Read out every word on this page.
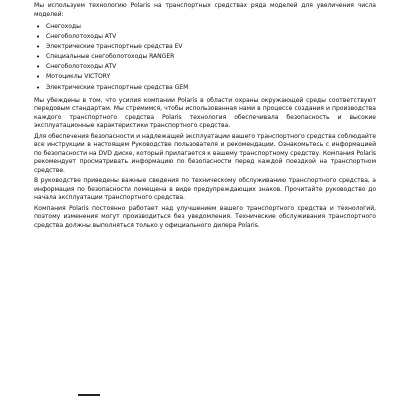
Мы используем технологию Polaris на транспортных средствах ряда моделей для увеличения числа моделей:

• Снегоходы
• Снегоболотоходы ATV
• Электрические транспортные средства EV
• Специальные снегоболотоходы RANGER
• Снегоболотоходы ATV
• Мотоциклы VICTORY
• Электрические транспортные средства GEM

Мы убеждены в том, что усилия компании Polaris в области охраны окружающей среды соответствуют передовым стандартам. Мы стремимся, чтобы использованная нами в процессе создания и производства каждого транспортного средства Polaris технология обеспечивала безопасность и высокие эксплуатационные характеристики транспортного средства.

Для обеспечения безопасности и надлежащей эксплуатации вашего транспортного средства соблюдайте все инструкции в настоящем Руководстве пользователя и рекомендации. Ознакомьтесь с информацией по безопасности на DVD диске, который прилагается к вашему транспортному средству. Компания Polaris рекомендует просматривать информацию по безопасности перед каждой поездкой на транспортном средстве.

В руководстве приведены важные сведения по техническому обслуживанию транспортного средства, а информация по безопасности помещена в виде предупреждающих знаков. Прочитайте руководство до начала эксплуатации транспортного средства.

Компания Polaris постоянно работает над улучшением вашего транспортного средства и технологий, поэтому изменения могут производиться без уведомления. Технические обслуживания транспортного средства должны выполняться только у официального дилера Polaris.
